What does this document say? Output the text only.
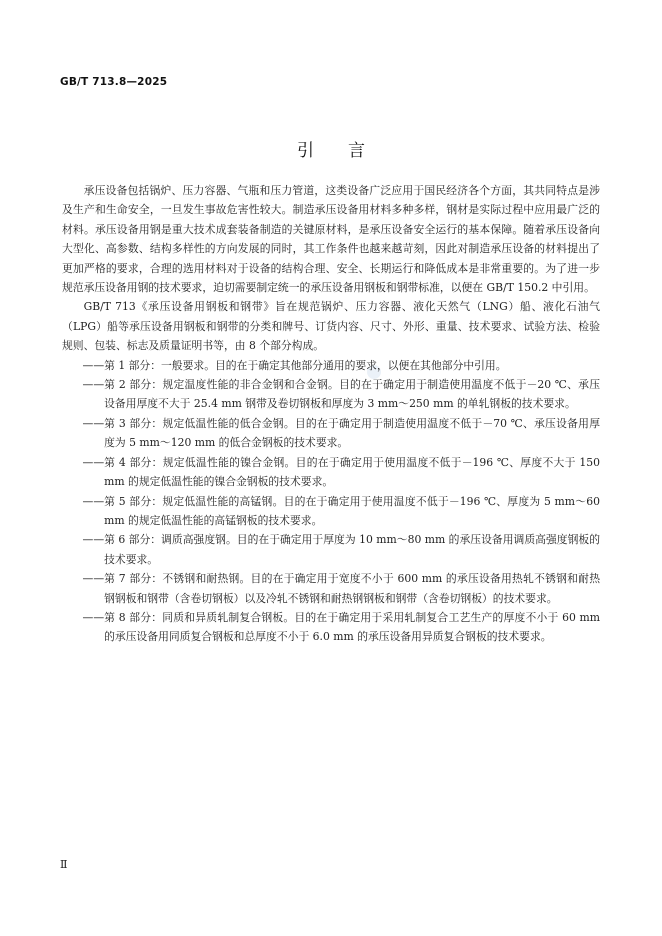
GB/T 713.8—2025
引 言

承压设备包括锅炉、压力容器、气瓶和压力管道，这类设备广泛应用于国民经济各个方面，其共同特点是涉及生产和生命安全，一旦发生事故危害性较大。制造承压设备用材料多种多样，钢材是实际过程中应用最广泛的材料。承压设备用钢是重大技术成套装备制造的关键原材料，是承压设备安全运行的基本保障。随着承压设备向大型化、高参数、结构多样性的方向发展的同时，其工作条件也越来越苛刻，因此对制造承压设备的材料提出了更加严格的要求，合理的选用材料对于设备的结构合理、安全、长期运行和降低成本是非常重要的。为了进一步规范承压设备用钢的技术要求，迫切需要制定统一的承压设备用钢板和钢带标准，以便在 GB/T 150.2 中引用。

GB/T 713《承压设备用钢板和钢带》旨在规范锅炉、压力容器、液化天然气（LNG）船、液化石油气（LPG）船等承压设备用钢板和钢带的分类和牌号、订货内容、尺寸、外形、重量、技术要求、试验方法、检验规则、包装、标志及质量证明书等，由 8 个部分构成。

—— 第 1 部分：一般要求。目的在于确定其他部分通用的要求，以便在其他部分中引用。
—— 第 2 部分：规定温度性能的非合金钢和合金钢。目的在于确定用于制造使用温度不低于－20 ℃、承压设备用厚度不大于 25.4 mm 钢带及卷切钢板和厚度为 3 mm～250 mm 的单轧钢板的技术要求。
—— 第 3 部分：规定低温性能的低合金钢。目的在于确定用于制造使用温度不低于－70 ℃、承压设备用厚度为 5 mm～120 mm 的低合金钢板的技术要求。
—— 第 4 部分：规定低温性能的镍合金钢。目的在于确定用于使用温度不低于－196 ℃、厚度不大于 150 mm 的规定低温性能的镍合金钢板的技术要求。
—— 第 5 部分：规定低温性能的高锰钢。目的在于确定用于使用温度不低于－196 ℃、厚度为 5 mm～60 mm 的规定低温性能的高锰钢板的技术要求。
—— 第 6 部分：调质高强度钢。目的在于确定用于厚度为 10 mm～80 mm 的承压设备用调质高强度钢板的技术要求。
—— 第 7 部分：不锈钢和耐热钢。目的在于确定用于宽度不小于 600 mm 的承压设备用热轧不锈钢和耐热钢钢板和钢带（含卷切钢板）以及冷轧不锈钢和耐热钢钢板和钢带（含卷切钢板）的技术要求。
—— 第 8 部分：同质和异质轧制复合钢板。目的在于确定用于采用轧制复合工艺生产的厚度不小于 60 mm 的承压设备用同质复合钢板和总厚度不小于 6.0 mm 的承压设备用异质复合钢板的技术要求。
Ⅱ
